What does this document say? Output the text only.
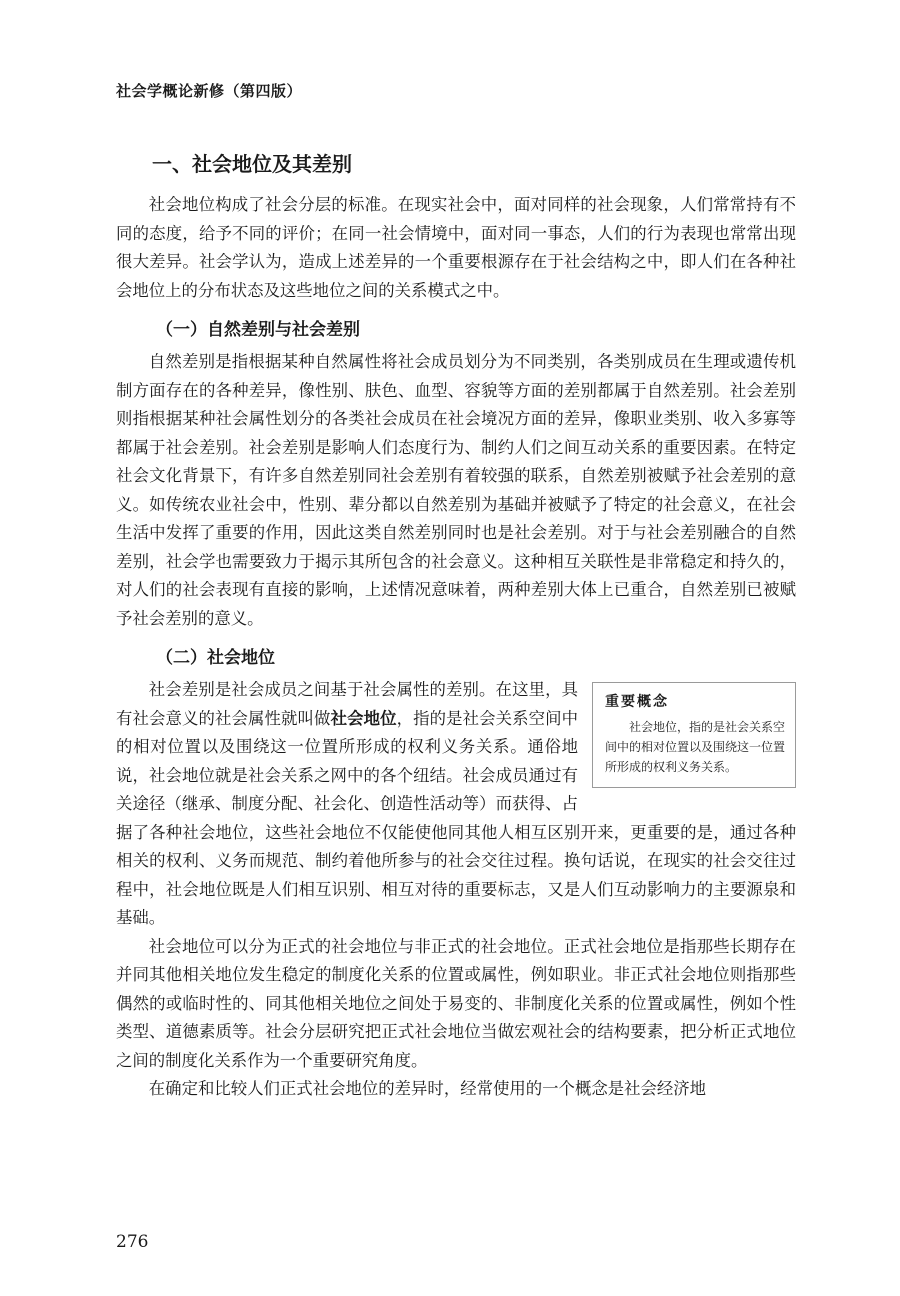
社会学概论新修（第四版）
一、社会地位及其差别

社会地位构成了社会分层的标准。在现实社会中，面对同样的社会现象，人们常常持有不同的态度，给予不同的评价；在同一社会情境中，面对同一事态，人们的行为表现也常常出现很大差异。社会学认为，造成上述差异的一个重要根源存在于社会结构之中，即人们在各种社会地位上的分布状态及这些地位之间的关系模式之中。

（一）自然差别与社会差别

自然差别是指根据某种自然属性将社会成员划分为不同类别，各类别成员在生理或遗传机制方面存在的各种差异，像性别、肤色、血型、容貌等方面的差别都属于自然差别。社会差别则指根据某种社会属性划分的各类社会成员在社会境况方面的差异，像职业类别、收入多寡等都属于社会差别。社会差别是影响人们态度行为、制约人们之间互动关系的重要因素。在特定社会文化背景下，有许多自然差别同社会差别有着较强的联系，自然差别被赋予社会差别的意义。如传统农业社会中，性别、辈分都以自然差别为基础并被赋予了特定的社会意义，在社会生活中发挥了重要的作用，因此这类自然差别同时也是社会差别。对于与社会差别融合的自然差别，社会学也需要致力于揭示其所包含的社会意义。这种相互关联性是非常稳定和持久的，对人们的社会表现有直接的影响，上述情况意味着，两种差别大体上已重合，自然差别已被赋予社会差别的意义。

（二）社会地位
重要概念
社会地位，指的是社会关系空间中的相对位置以及围绕这一位置所形成的权利义务关系。

社会差别是社会成员之间基于社会属性的差别。在这里，具有社会意义的社会属性就叫做社会地位，指的是社会关系空间中的相对位置以及围绕这一位置所形成的权利义务关系。通俗地说，社会地位就是社会关系之网中的各个纽结。社会成员通过有关途径（继承、制度分配、社会化、创造性活动等）而获得、占据了各种社会地位，这些社会地位不仅能使他同其他人相互区别开来，更重要的是，通过各种相关的权利、义务而规范、制约着他所参与的社会交往过程。换句话说，在现实的社会交往过程中，社会地位既是人们相互识别、相互对待的重要标志，又是人们互动影响力的主要源泉和基础。

社会地位可以分为正式的社会地位与非正式的社会地位。正式社会地位是指那些长期存在并同其他相关地位发生稳定的制度化关系的位置或属性，例如职业。非正式社会地位则指那些偶然的或临时性的、同其他相关地位之间处于易变的、非制度化关系的位置或属性，例如个性类型、道德素质等。社会分层研究把正式社会地位当做宏观社会的结构要素，把分析正式地位之间的制度化关系作为一个重要研究角度。

在确定和比较人们正式社会地位的差异时，经常使用的一个概念是社会经济地

276
